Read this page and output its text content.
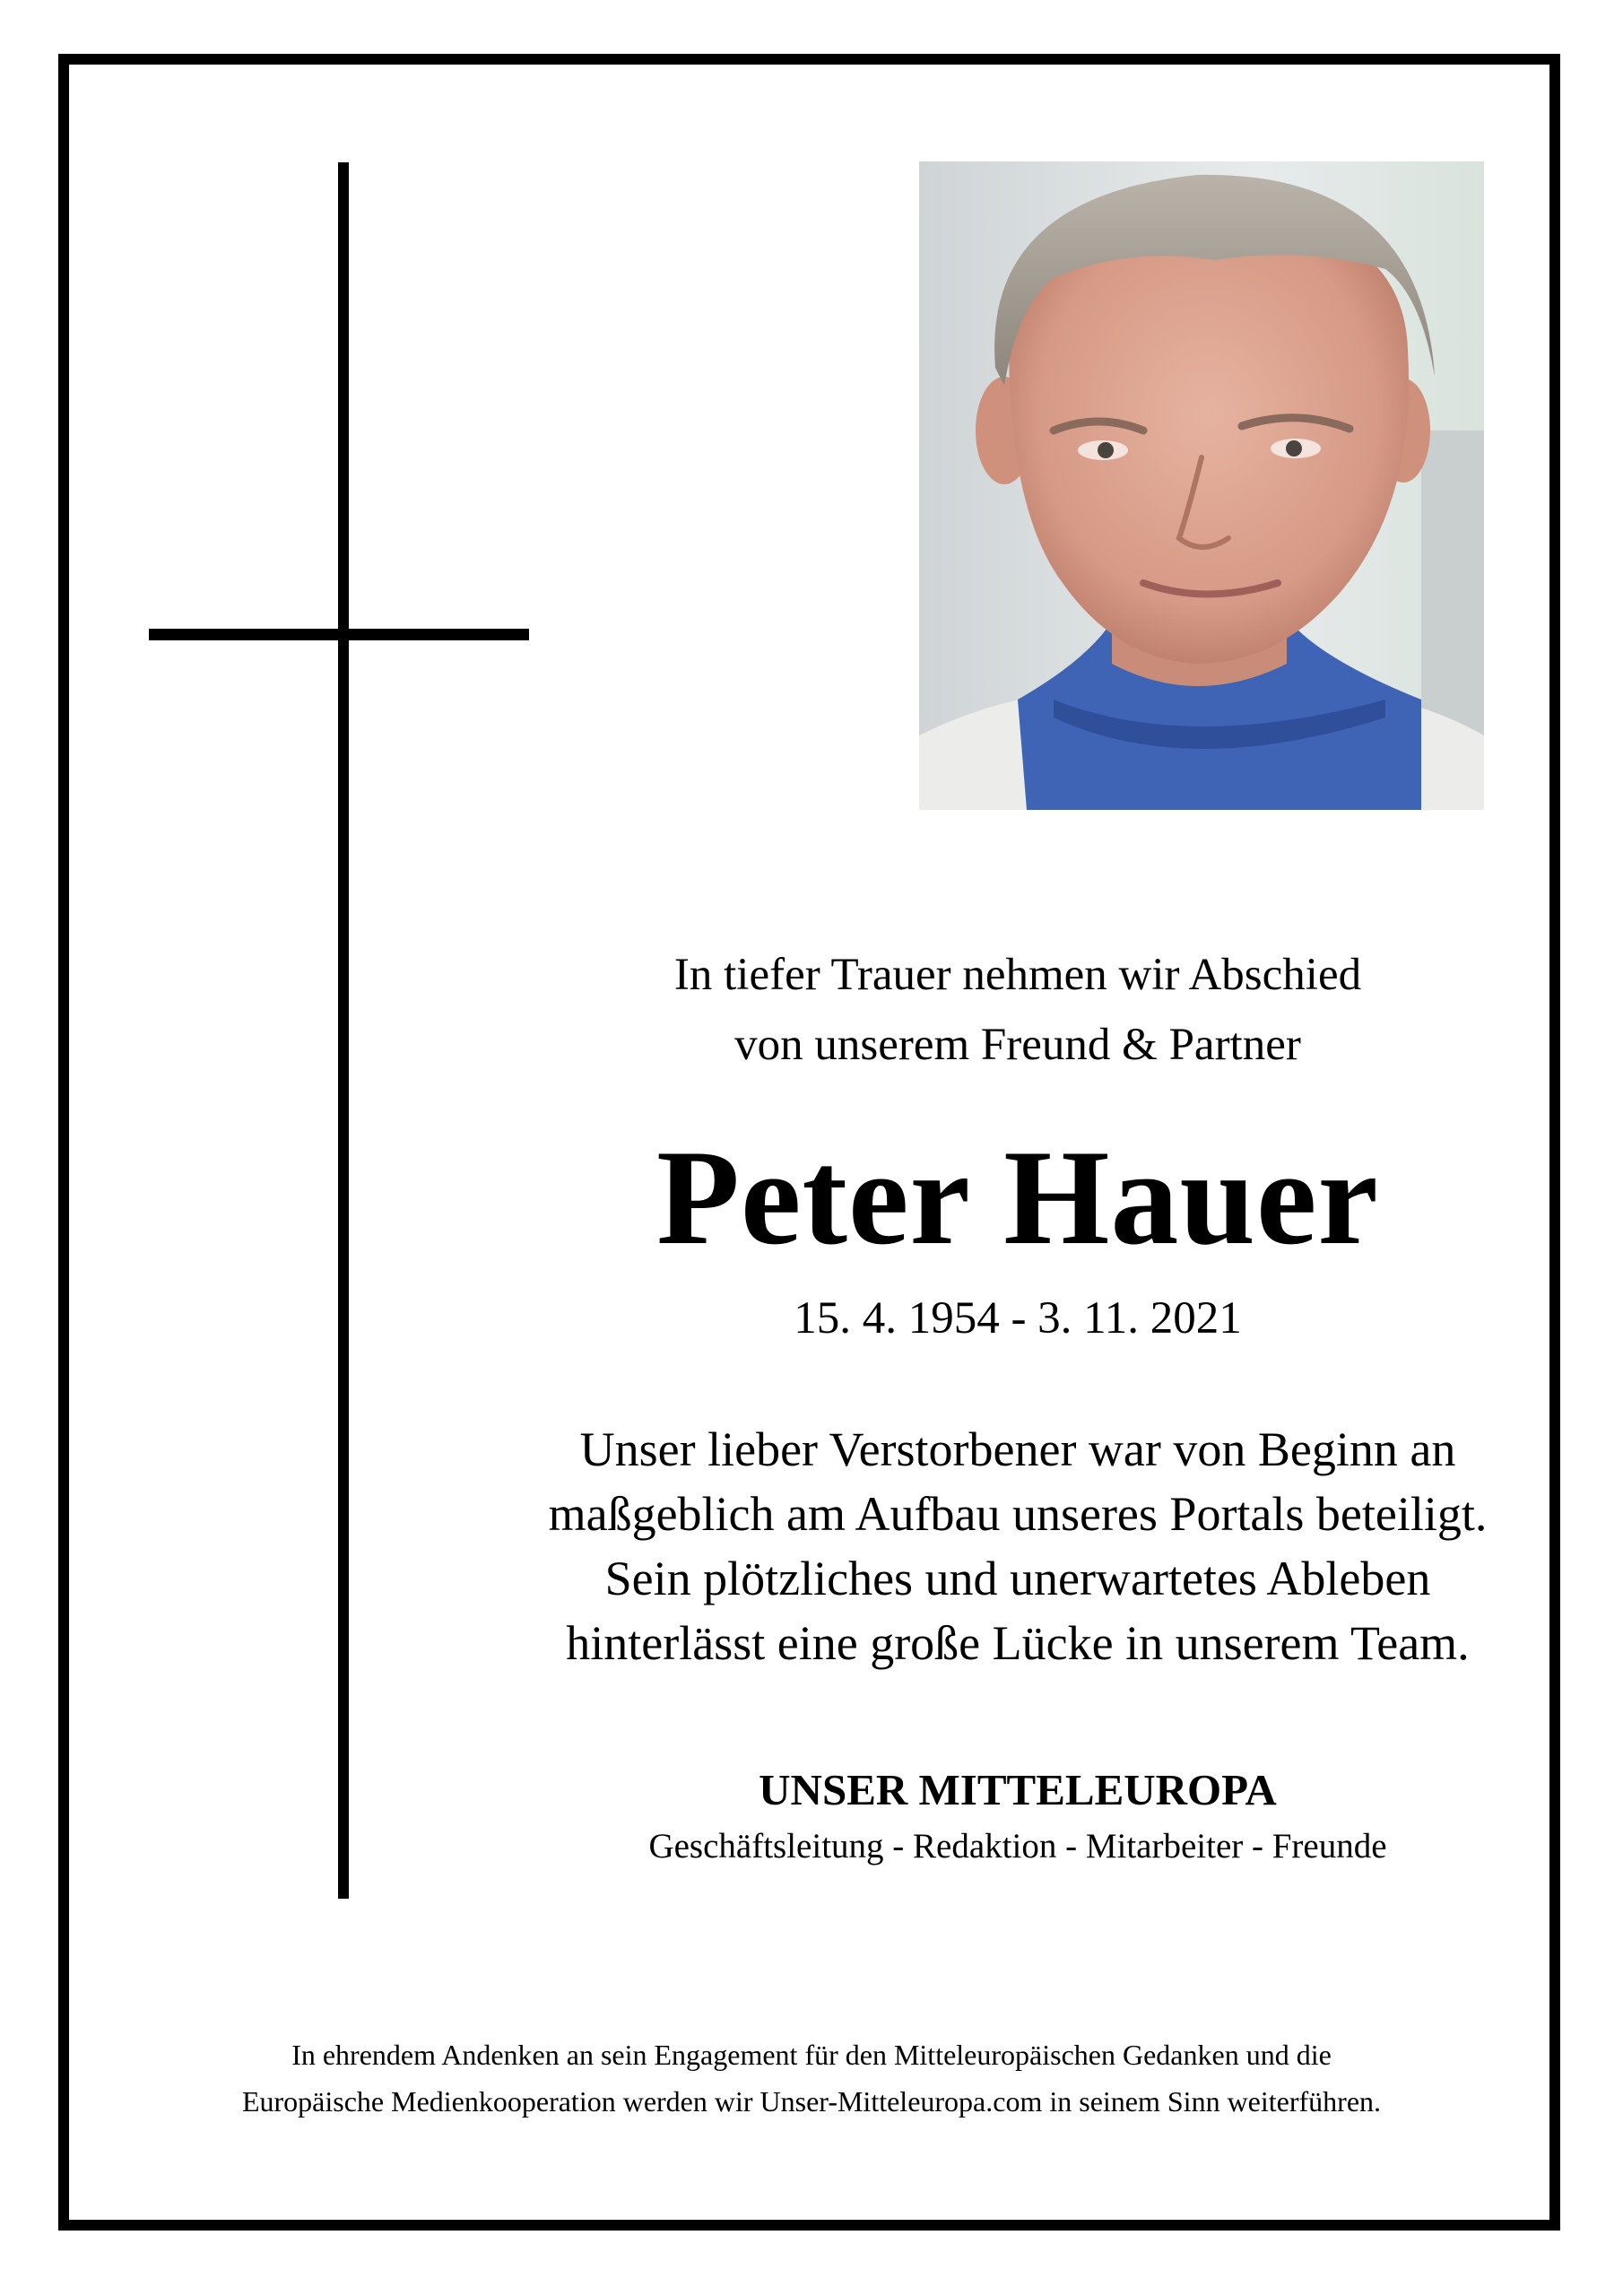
In tiefer Trauer nehmen wir Abschied
von unserem Freund & Partner
Peter Hauer
15. 4. 1954 - 3. 11. 2021
Unser lieber Verstorbener war von Beginn an
maßgeblich am Aufbau unseres Portals beteiligt.
Sein plötzliches und unerwartetes Ableben
hinterlässt eine große Lücke in unserem Team.
UNSER MITTELEUROPA
Geschäftsleitung - Redaktion - Mitarbeiter - Freunde
In ehrendem Andenken an sein Engagement für den Mitteleuropäischen Gedanken und die
Europäische Medienkooperation werden wir Unser-Mitteleuropa.com in seinem Sinn weiterführen.
